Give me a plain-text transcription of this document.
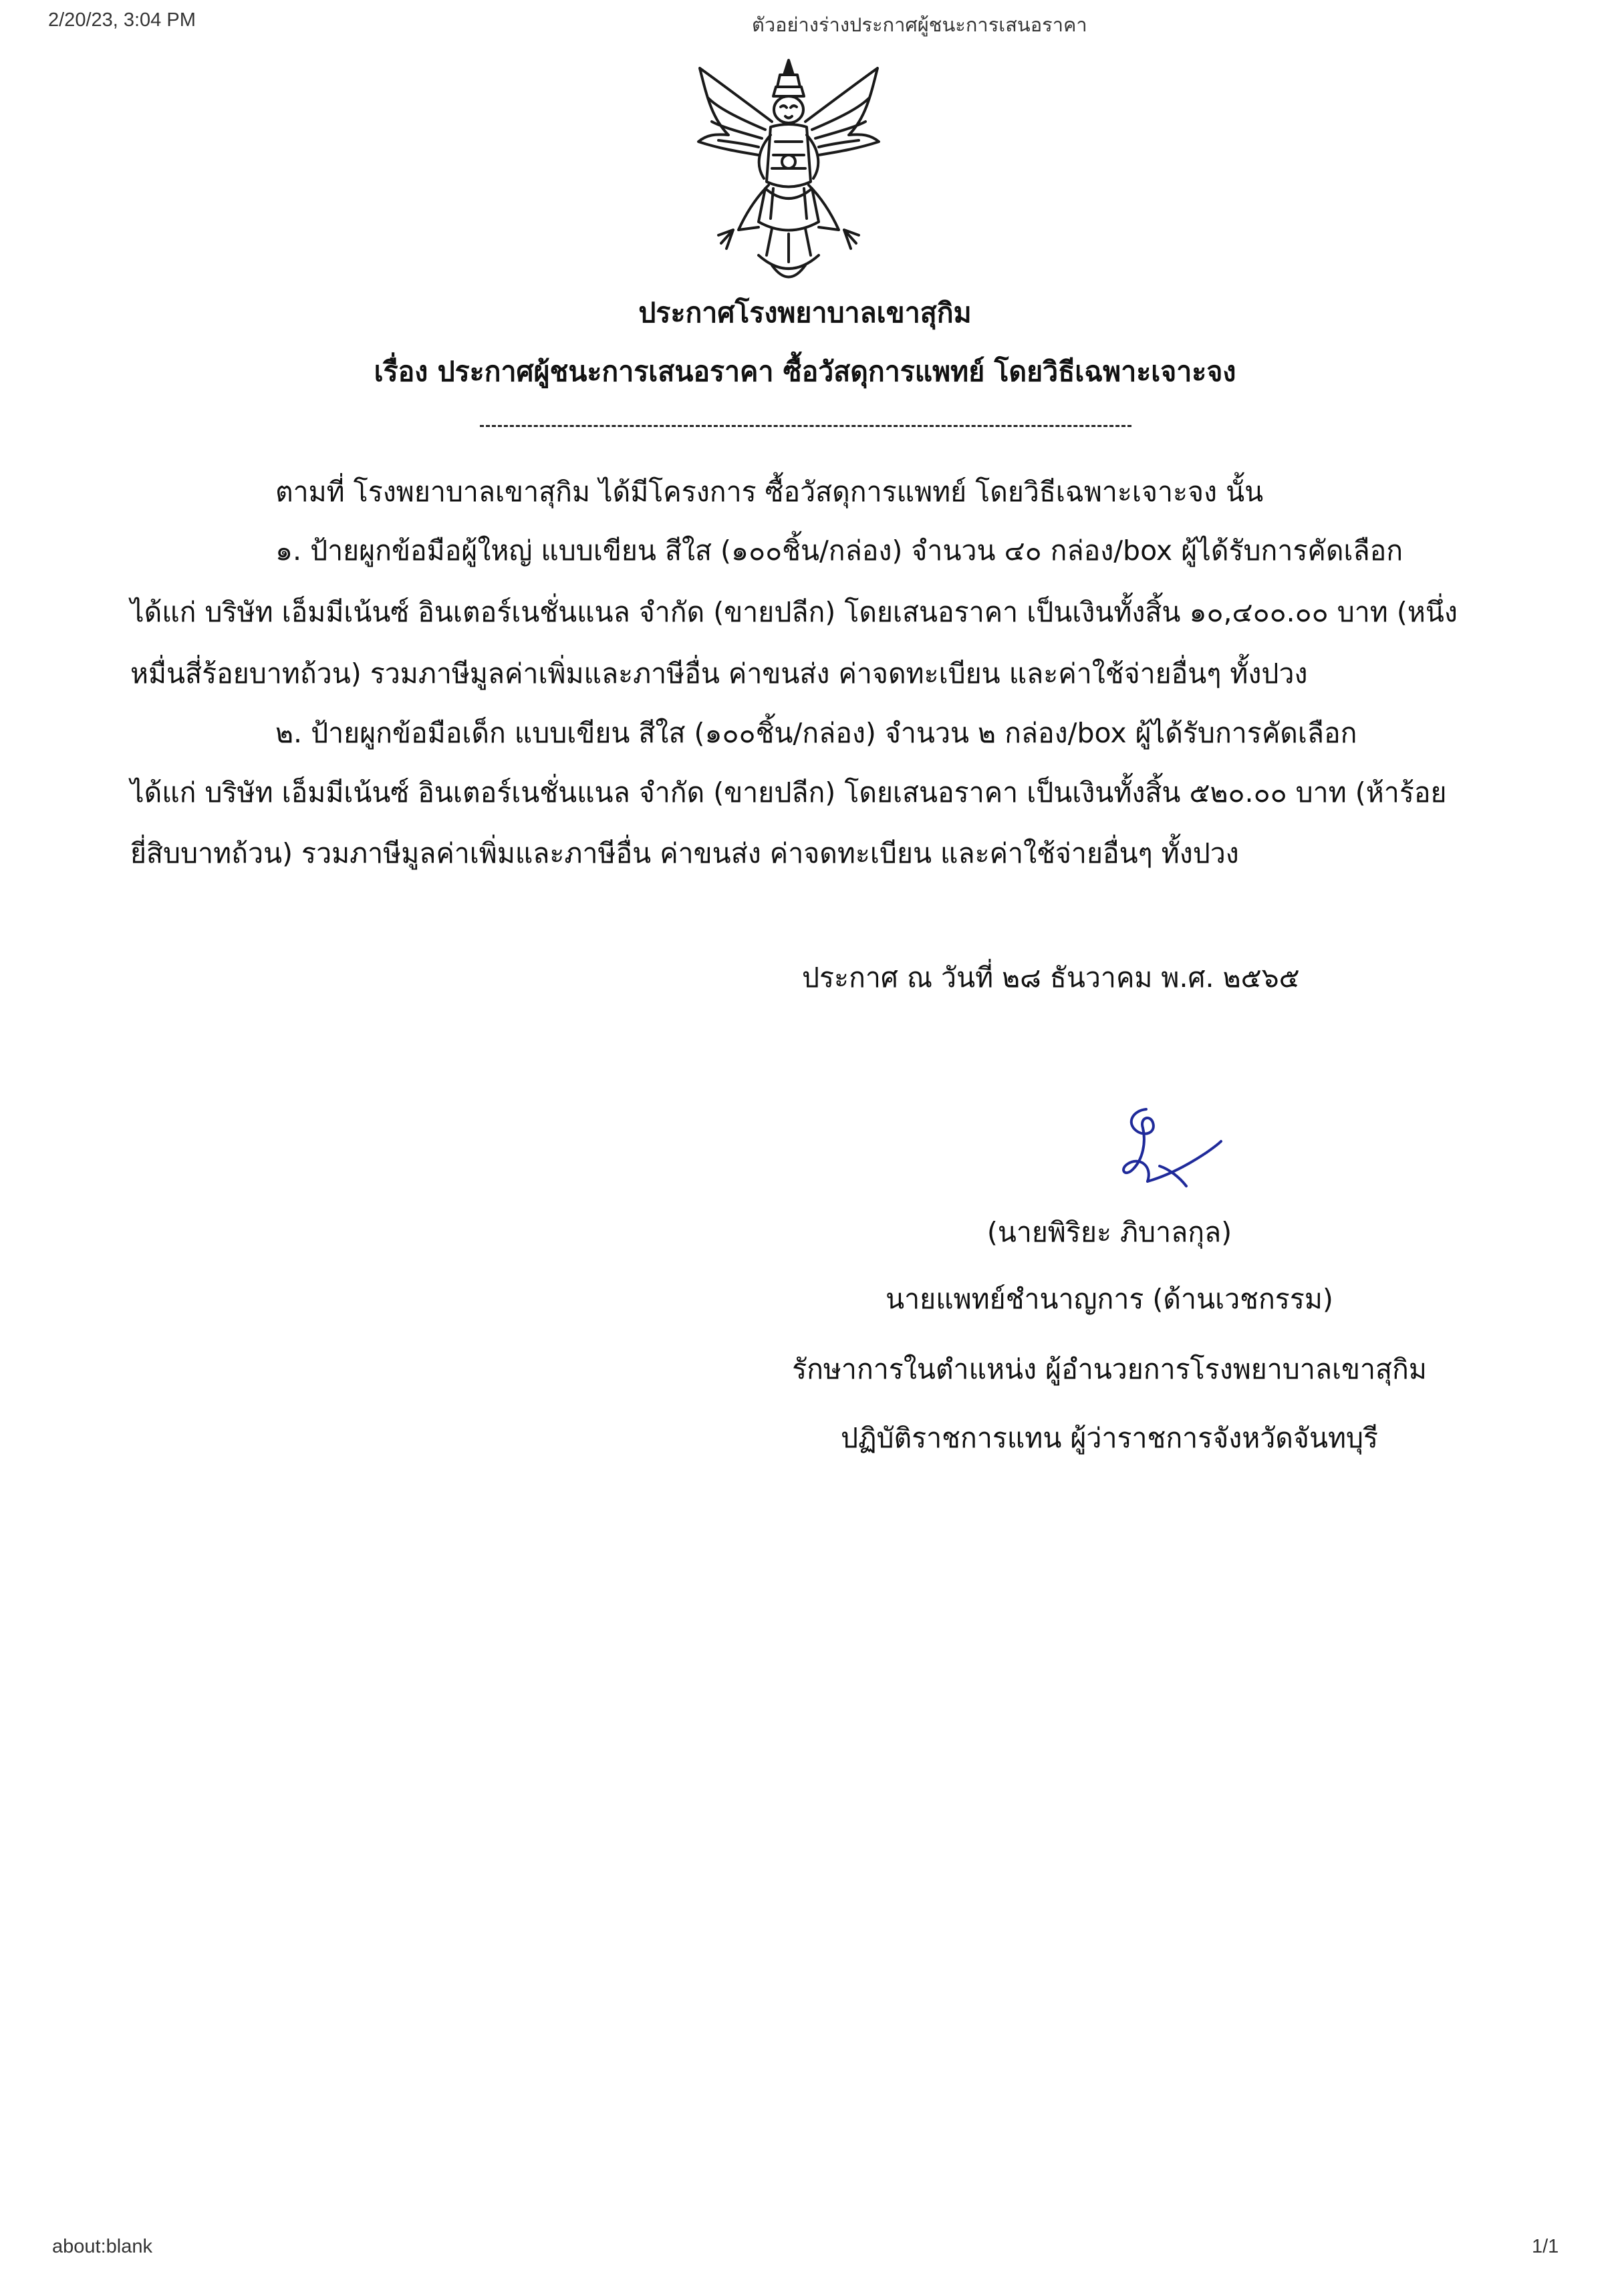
2/20/23, 3:04 PM	ตัวอย่างร่างประกาศผู้ชนะการเสนอราคา
ประกาศโรงพยาบาลเขาสุกิม
เรื่อง ประกาศผู้ชนะการเสนอราคา ซื้อวัสดุการแพทย์ โดยวิธีเฉพาะเจาะจง
ตามที่ โรงพยาบาลเขาสุกิม ได้มีโครงการ ซื้อวัสดุการแพทย์ โดยวิธีเฉพาะเจาะจง นั้น
๑. ป้ายผูกข้อมือผู้ใหญ่ แบบเขียน สีใส (๑๐๐ชิ้น/กล่อง) จำนวน ๔๐ กล่อง/box ผู้ได้รับการคัดเลือก
ได้แก่ บริษัท เอ็มมีเน้นซ์ อินเตอร์เนชั่นแนล จำกัด (ขายปลีก) โดยเสนอราคา เป็นเงินทั้งสิ้น ๑๐,๔๐๐.๐๐ บาท (หนึ่ง
หมื่นสี่ร้อยบาทถ้วน) รวมภาษีมูลค่าเพิ่มและภาษีอื่น ค่าขนส่ง ค่าจดทะเบียน และค่าใช้จ่ายอื่นๆ ทั้งปวง
๒. ป้ายผูกข้อมือเด็ก แบบเขียน สีใส (๑๐๐ชิ้น/กล่อง) จำนวน ๒ กล่อง/box ผู้ได้รับการคัดเลือก
ได้แก่ บริษัท เอ็มมีเน้นซ์ อินเตอร์เนชั่นแนล จำกัด (ขายปลีก) โดยเสนอราคา เป็นเงินทั้งสิ้น ๕๒๐.๐๐ บาท (ห้าร้อย
ยี่สิบบาทถ้วน) รวมภาษีมูลค่าเพิ่มและภาษีอื่น ค่าขนส่ง ค่าจดทะเบียน และค่าใช้จ่ายอื่นๆ ทั้งปวง
ประกาศ ณ วันที่ ๒๘ ธันวาคม พ.ศ. ๒๕๖๕
(นายพิริยะ ภิบาลกุล)
นายแพทย์ชำนาญการ (ด้านเวชกรรม)
รักษาการในตำแหน่ง ผู้อำนวยการโรงพยาบาลเขาสุกิม
ปฏิบัติราชการแทน ผู้ว่าราชการจังหวัดจันทบุรี
about:blank	1/1
